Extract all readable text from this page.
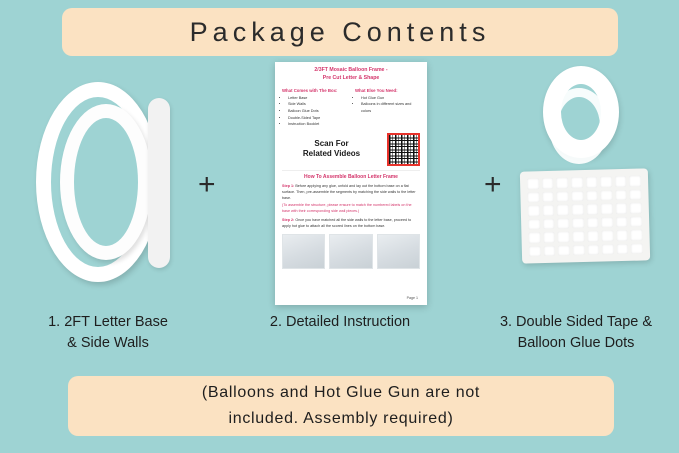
Package Contents
+
2/3FT Mosaic Balloon Frame -
Pre Cut Letter & Shape
What Comes with The Box:
• Letter Base
• Side Walls
• Balloon Glue Dots
• Double-Sided Tape
• Instruction Booklet
What Else You Need:
• Hot Glue Gun
• Balloons in different sizes and colors
Scan For
Related Videos
How To Assemble Balloon Letter Frame
Step 1: Before applying any glue, unfold and lay out the bottom base on a flat surface. Then, pre-assemble the segments by matching the side walls to the letter base.
(To assemble the structure, please ensure to match the numbered labels on the base with their corresponding side wall pieces.)
Step 2: Once you have matched all the side walls to the letter base, proceed to apply hot glue to attach all the scored lines on the bottom base.
Page 1
+
1. 2FT Letter Base
& Side Walls
2. Detailed Instruction	3. Double Sided Tape &
Balloon Glue Dots
(Balloons and Hot Glue Gun are not
included. Assembly required)
